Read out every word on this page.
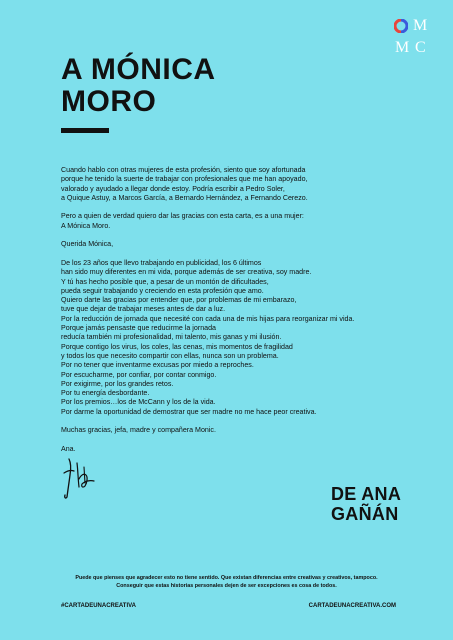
M
M C
A MÓNICA
MORO

Cuando hablo con otras mujeres de esta profesión, siento que soy afortunada
porque he tenido la suerte de trabajar con profesionales que me han apoyado,
valorado y ayudado a llegar donde estoy. Podría escribir a Pedro Soler,
a Quique Astuy, a Marcos García, a Bernardo Hernández, a Fernando Cerezo.

Pero a quien de verdad quiero dar las gracias con esta carta, es a una mujer:
A Mónica Moro.

Querida Mónica,

De los 23 años que llevo trabajando en publicidad, los 6 últimos
han sido muy diferentes en mi vida, porque además de ser creativa, soy madre.
Y tú has hecho posible que, a pesar de un montón de dificultades,
pueda seguir trabajando y creciendo en esta profesión que amo.
Quiero darte las gracias por entender que, por problemas de mi embarazo,
tuve que dejar de trabajar meses antes de dar a luz.
Por la reducción de jornada que necesité con cada una de mis hijas para reorganizar mi vida.
Porque jamás pensaste que reducirme la jornada
reducía también mi profesionalidad, mi talento, mis ganas y mi ilusión.
Porque contigo los virus, los coles, las cenas, mis momentos de fragilidad
y todos los que necesito compartir con ellas, nunca son un problema.
Por no tener que inventarme excusas por miedo a reproches.
Por escucharme, por confiar, por contar conmigo.
Por exigirme, por los grandes retos.
Por tu energía desbordante.
Por los premios…los de McCann y los de la vida.
Por darme la oportunidad de demostrar que ser madre no me hace peor creativa.

Muchas gracias, jefa, madre y compañera Monic.

Ana.

DE ANA
GAÑÁN
Puede que pienses que agradecer esto no tiene sentido. Que existan diferencias entre creativas y creativos, tampoco.
Conseguir que estas historias personales dejen de ser excepciones es cosa de todos.
#CARTADEUNACREATIVA	CARTADEUNACREATIVA.COM
